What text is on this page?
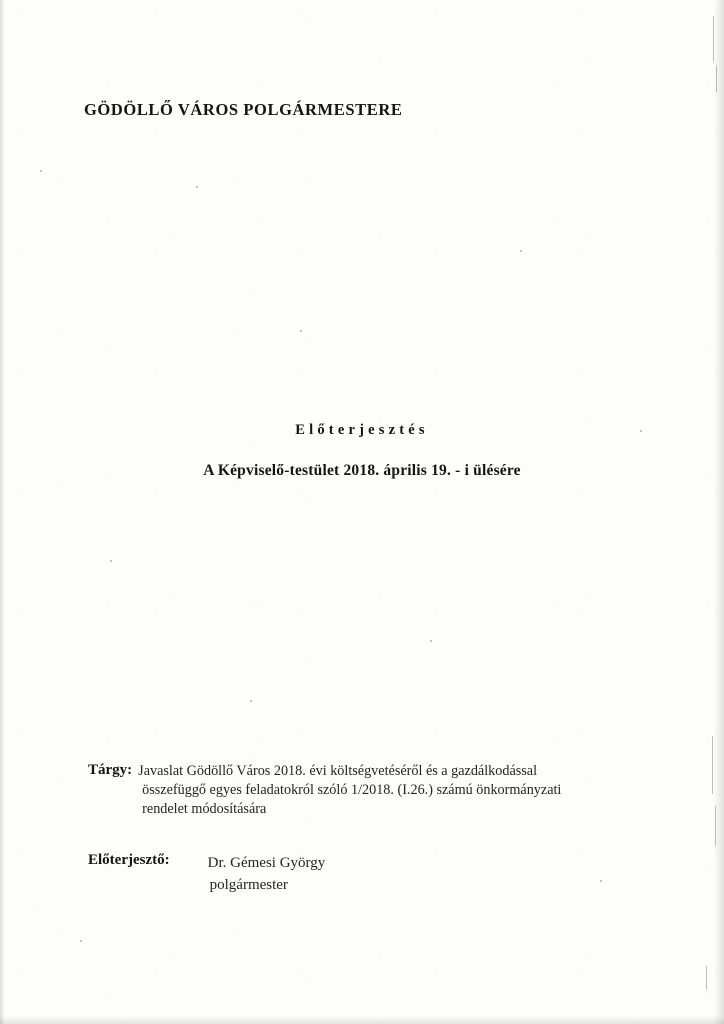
GÖDÖLLŐ VÁROS POLGÁRMESTERE
Előterjesztés
A Képviselő-testület 2018. április 19. - i ülésére
Tárgy: Javaslat Gödöllő Város 2018. évi költségvetéséről és a gazdálkodással
összefüggő egyes feladatokról szóló 1/2018. (I.26.) számú önkormányzati
rendelet módosítására
Előterjesztő:	Dr. Gémesi György
polgármester
